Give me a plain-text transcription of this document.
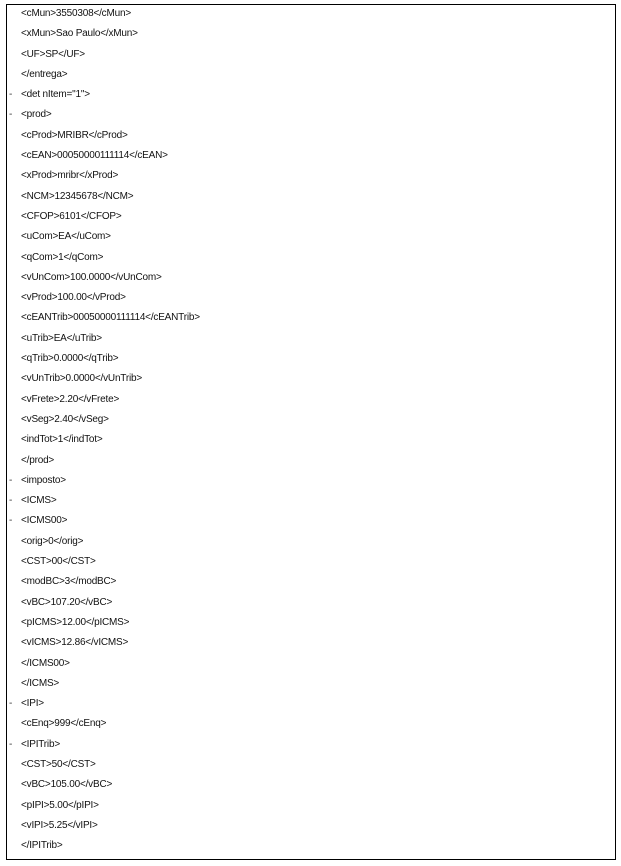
<cMun>3550308</cMun>
<xMun>Sao Paulo</xMun>
<UF>SP</UF>
</entrega>
- <det nItem="1">
- <prod>
<cProd>MRIBR</cProd>
<cEAN>00050000111114</cEAN>
<xProd>mribr</xProd>
<NCM>12345678</NCM>
<CFOP>6101</CFOP>
<uCom>EA</uCom>
<qCom>1</qCom>
<vUnCom>100.0000</vUnCom>
<vProd>100.00</vProd>
<cEANTrib>00050000111114</cEANTrib>
<uTrib>EA</uTrib>
<qTrib>0.0000</qTrib>
<vUnTrib>0.0000</vUnTrib>
<vFrete>2.20</vFrete>
<vSeg>2.40</vSeg>
<indTot>1</indTot>
</prod>
- <imposto>
- <ICMS>
- <ICMS00>
<orig>0</orig>
<CST>00</CST>
<modBC>3</modBC>
<vBC>107.20</vBC>
<pICMS>12.00</pICMS>
<vICMS>12.86</vICMS>
</ICMS00>
</ICMS>
- <IPI>
<cEnq>999</cEnq>
- <IPITrib>
<CST>50</CST>
<vBC>105.00</vBC>
<pIPI>5.00</pIPI>
<vIPI>5.25</vIPI>
</IPITrib>
